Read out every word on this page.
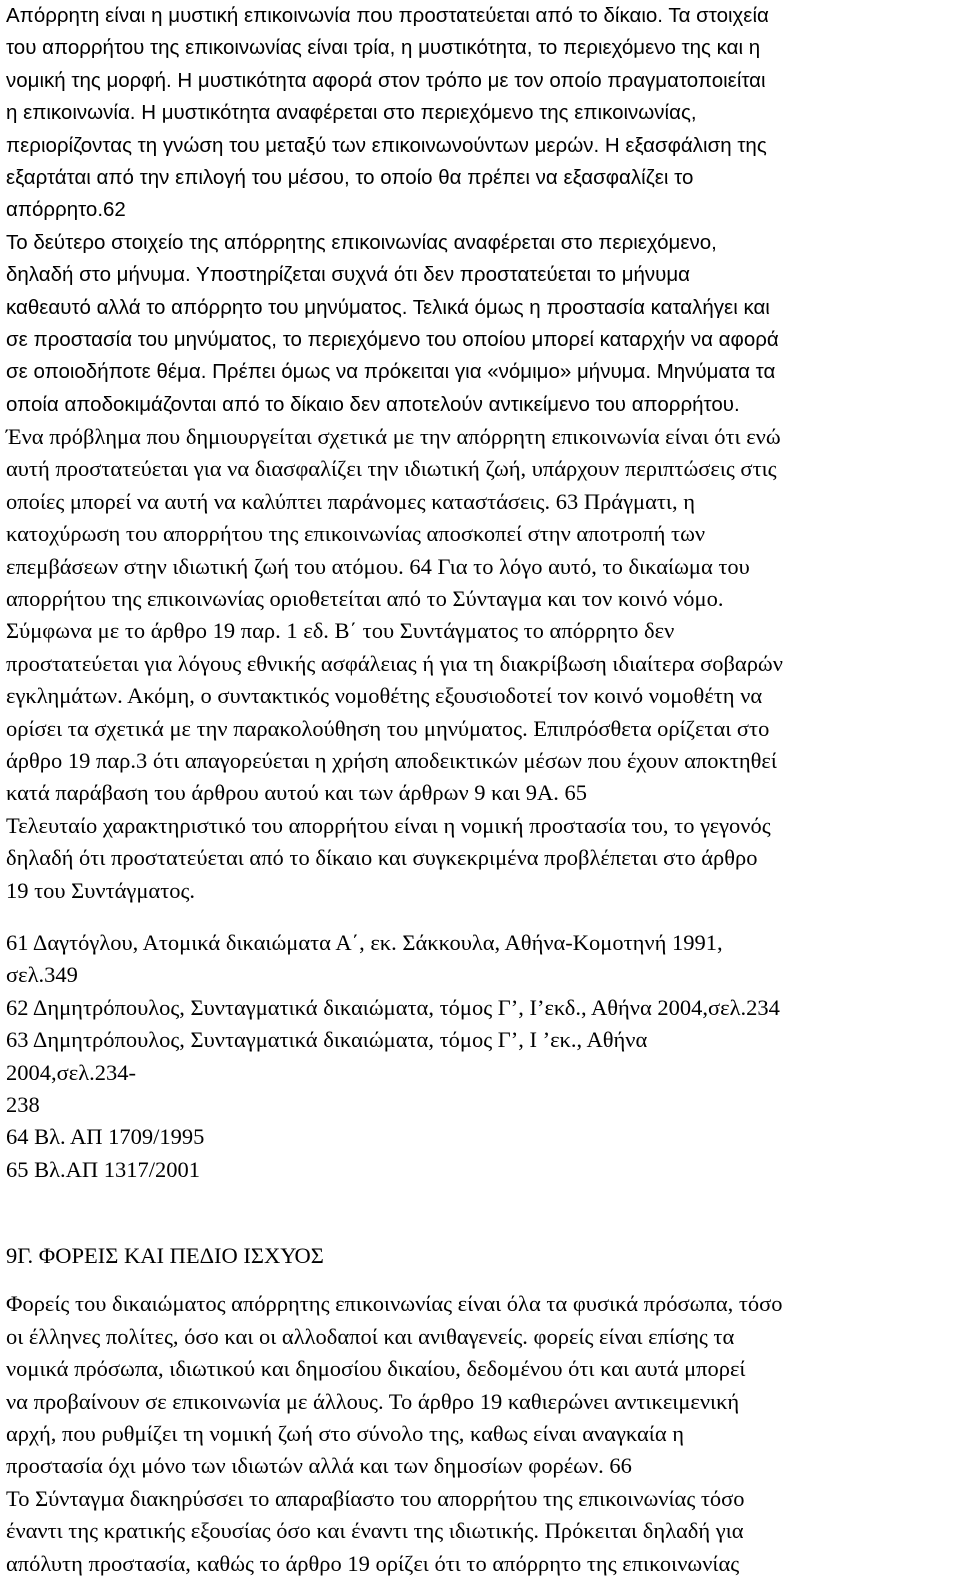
Απόρρητη είναι η μυστική επικοινωνία που προστατεύεται από το δίκαιο. Τα στοιχεία
του απορρήτου της επικοινωνίας είναι τρία, η μυστικότητα, το περιεχόμενο της και η
νομική της μορφή. Η μυστικότητα αφορά στον τρόπο με τον οποίο πραγματοποιείται
η επικοινωνία. Η μυστικότητα αναφέρεται στο περιεχόμενο της επικοινωνίας,
περιορίζοντας τη γνώση του μεταξύ των επικοινωνούντων μερών. Η εξασφάλιση της
εξαρτάται από την επιλογή του μέσου, το οποίο θα πρέπει να εξασφαλίζει το
απόρρητο.62
Το δεύτερο στοιχείο της απόρρητης επικοινωνίας αναφέρεται στο περιεχόμενο,
δηλαδή στο μήνυμα. Υποστηρίζεται συχνά ότι δεν προστατεύεται το μήνυμα
καθεαυτό αλλά το απόρρητο του μηνύματος. Τελικά όμως η προστασία καταλήγει και
σε προστασία του μηνύματος, το περιεχόμενο του οποίου μπορεί καταρχήν να αφορά
σε οποιοδήποτε θέμα. Πρέπει όμως να πρόκειται για «νόμιμο» μήνυμα. Μηνύματα τα
οποία αποδοκιμάζονται από το δίκαιο δεν αποτελούν αντικείμενο του απορρήτου.
Ένα πρόβλημα που δημιουργείται σχετικά με την απόρρητη επικοινωνία είναι ότι ενώ
αυτή προστατεύεται για να διασφαλίζει την ιδιωτική ζωή, υπάρχουν περιπτώσεις στις
οποίες μπορεί να αυτή να καλύπτει παράνομες καταστάσεις. 63 Πράγματι, η
κατοχύρωση του απορρήτου της επικοινωνίας αποσκοπεί στην αποτροπή των
επεμβάσεων στην ιδιωτική ζωή του ατόμου. 64 Για το λόγο αυτό, το δικαίωμα του
απορρήτου της επικοινωνίας οριοθετείται από το Σύνταγμα και τον κοινό νόμο.
Σύμφωνα με το άρθρο 19 παρ. 1 εδ. Β΄ του Συντάγματος το απόρρητο δεν
προστατεύεται για λόγους εθνικής ασφάλειας ή για τη διακρίβωση ιδιαίτερα σοβαρών
εγκλημάτων. Ακόμη, ο συντακτικός νομοθέτης εξουσιοδοτεί τον κοινό νομοθέτη να
ορίσει τα σχετικά με την παρακολούθηση του μηνύματος. Επιπρόσθετα ορίζεται στο
άρθρο 19 παρ.3 ότι απαγορεύεται η χρήση αποδεικτικών μέσων που έχουν αποκτηθεί
κατά παράβαση του άρθρου αυτού και των άρθρων 9 και 9Α. 65
Τελευταίο χαρακτηριστικό του απορρήτου είναι η νομική προστασία του, το γεγονός
δηλαδή ότι προστατεύεται από το δίκαιο και συγκεκριμένα προβλέπεται στο άρθρο
19 του Συντάγματος.
61 Δαγτόγλου, Ατομικά δικαιώματα Α΄, εκ. Σάκκουλα, Αθήνα-Κομοτηνή 1991,
σελ.349
62 Δημητρόπουλος, Συνταγματικά δικαιώματα, τόμος Γ’, Ι’εκδ., Αθήνα 2004,σελ.234
63 Δημητρόπουλος, Συνταγματικά δικαιώματα, τόμος Γ’, Ι ’εκ., Αθήνα
2004,σελ.234-
238
64 Βλ. ΑΠ 1709/1995
65 Βλ.ΑΠ 1317/2001
9Γ. ΦΟΡΕΙΣ ΚΑΙ ΠΕΔΙΟ ΙΣΧΥΟΣ
Φορείς του δικαιώματος απόρρητης επικοινωνίας είναι όλα τα φυσικά πρόσωπα, τόσο
οι έλληνες πολίτες, όσο και οι αλλοδαποί και ανιθαγενείς. φορείς είναι επίσης τα
νομικά πρόσωπα, ιδιωτικού και δημοσίου δικαίου, δεδομένου ότι και αυτά μπορεί
να προβαίνουν σε επικοινωνία με άλλους. Το άρθρο 19 καθιερώνει αντικειμενική
αρχή, που ρυθμίζει τη νομική ζωή στο σύνολο της, καθως είναι αναγκαία η
προστασία όχι μόνο των ιδιωτών αλλά και των δημοσίων φορέων. 66
Το Σύνταγμα διακηρύσσει το απαραβίαστο του απορρήτου της επικοινωνίας τόσο
έναντι της κρατικής εξουσίας όσο και έναντι της ιδιωτικής. Πρόκειται δηλαδή για
απόλυτη προστασία, καθώς το άρθρο 19 ορίζει ότι το απόρρητο της επικοινωνίας
